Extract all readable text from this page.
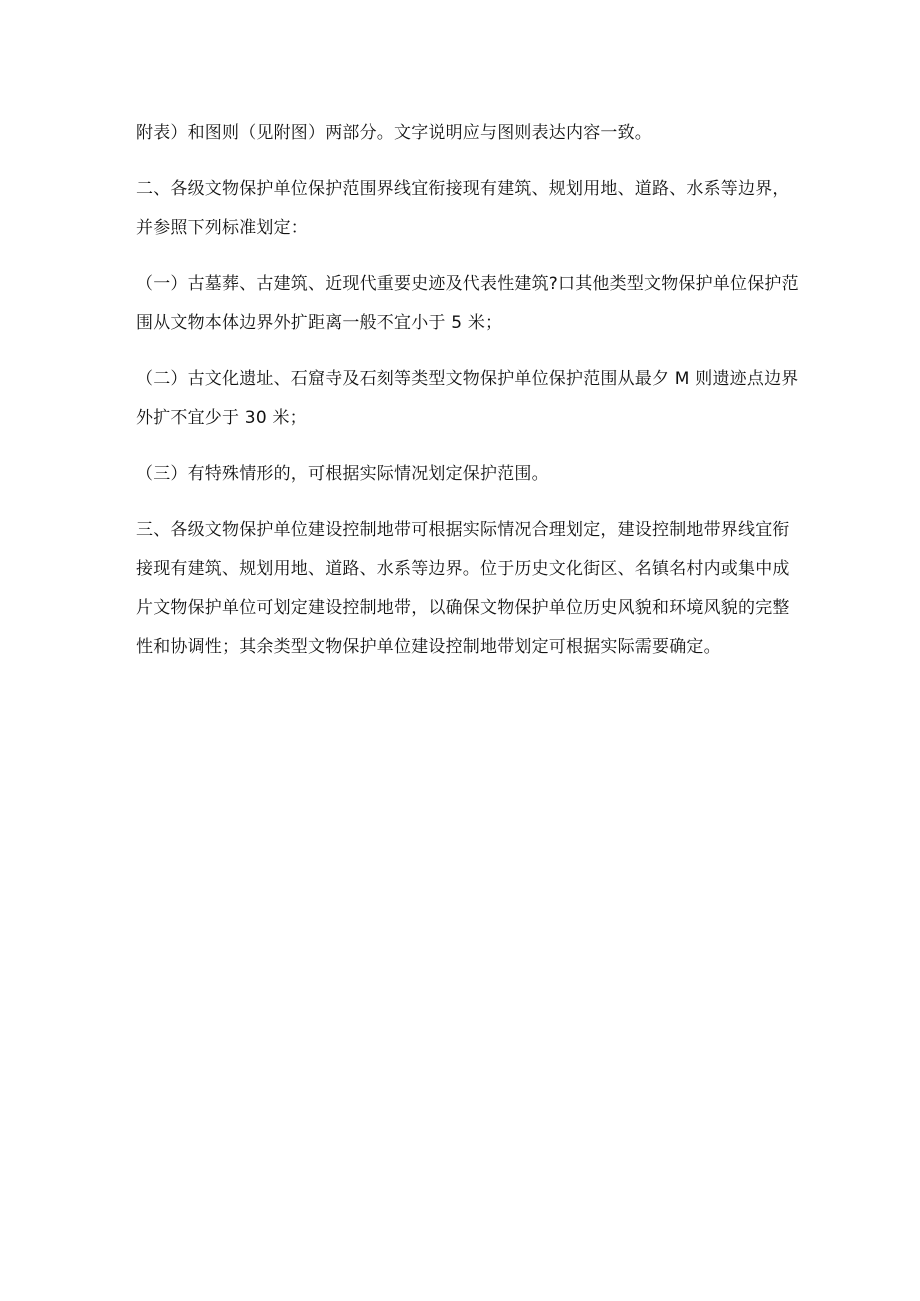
附表）和图则（见附图）两部分。文字说明应与图则表达内容一致。
二、各级文物保护单位保护范围界线宜衔接现有建筑、规划用地、道路、水系等边界，
并参照下列标准划定：
（一）古墓葬、古建筑、近现代重要史迹及代表性建筑?口其他类型文物保护单位保护范
围从文物本体边界外扩距离一般不宜小于 5 米；
（二）古文化遗址、石窟寺及石刻等类型文物保护单位保护范围从最夕 M 则遗迹点边界
外扩不宜少于 30 米；
（三）有特殊情形的，可根据实际情况划定保护范围。
三、各级文物保护单位建设控制地带可根据实际情况合理划定，建设控制地带界线宜衔
接现有建筑、规划用地、道路、水系等边界。位于历史文化街区、名镇名村内或集中成
片文物保护单位可划定建设控制地带，以确保文物保护单位历史风貌和环境风貌的完整
性和协调性；其余类型文物保护单位建设控制地带划定可根据实际需要确定。
